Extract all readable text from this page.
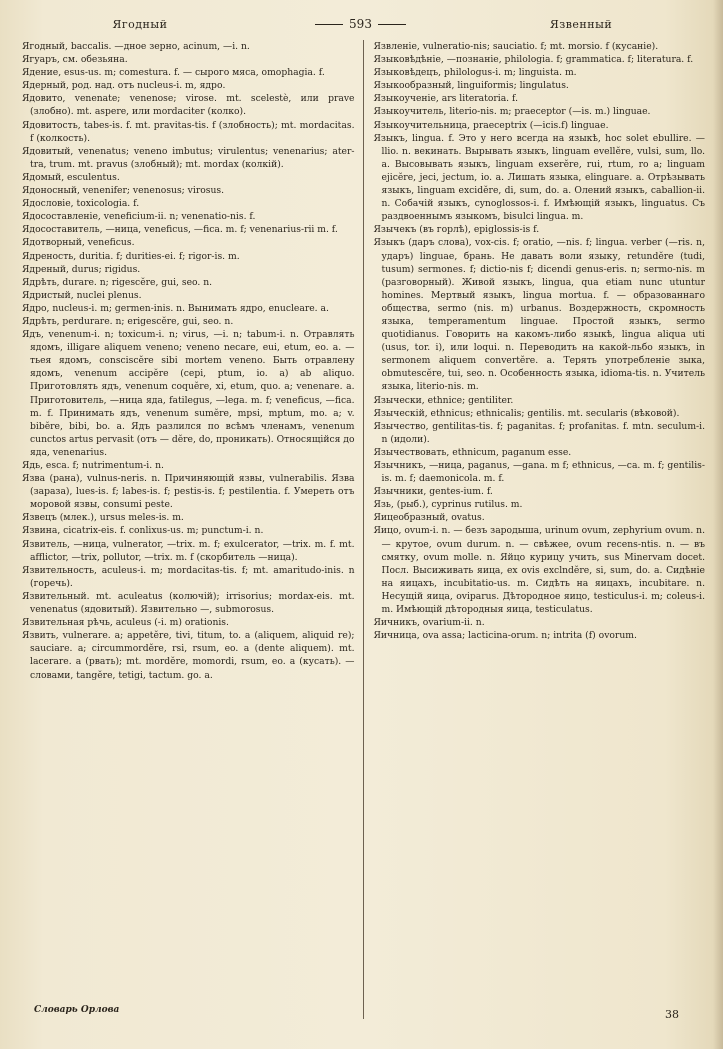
Ягодный	593	Язвенный

Ягодный, baccalis. —дное зерно, acinum, —i. n.

Ягуаръ, см. обезьяна.

Ядение, esus-us. m; comestura. f. — сырого мяса, omophagia. f.

Ядерный, род. над. отъ nucleus-i. m, ядро.

Ядовито, venenate; venenose; virose. mt. scelestè, или prave (злобно). mt. aspere, или mordaciter (колко).

Ядовитость, tabes-is. f. mt. pravitas-tis. f (злобность); mt. mordacitas. f (колкость).

Ядовитый, venenatus; veneno imbutus; virulentus; venenarius; ater-tra, trum. mt. pravus (злобный); mt. mordax (колкій).

Ядомый, esculentus.

Ядоносный, venenifer; venenosus; virosus.

Ядословіе, toxicologia. f.

Ядосоставленіе, veneficium-ii. n; venenatio-nis. f.

Ядосоставитель, —ница, veneficus, —fica. m. f; venenarius-rii m. f.

Ядотворный, veneficus.

Ядреность, duritia. f; durities-ei. f; rigor-is. m.

Ядреный, durus; rigidus.

Ядрѣть, durare. n; rigescĕre, gui, seo. n.

Ядристый, nuclei plenus.

Ядро, nucleus-i. m; germen-inis. n. Вынимать ядро, enucleare. a.

Ядрѣть, perdurare. n; erigescĕre, gui, seo. n.

Ядъ, venenum-i. n; toxicum-i. n; virus, —i. n; tabum-i. n. Отравлять ядомъ, illigare aliquem veneno; veneno necare, eui, etum, eo. a. —тьея ядомъ, consciscĕre sibi mortem veneno. Быть отравлену ядомъ, venenum accipĕre (cepi, ptum, io. a) ab aliquo. Приготовлять ядъ, venenum coquĕre, xi, etum, quo. a; venenare. a. Приготовитель, —ница яда, fatilegus, —lega. m. f; veneficus, —fica. m. f. Принимать ядъ, venenum sumĕre, mpsi, mptum, mo. a; v. bibĕre, bibi, bo. a. Ядъ разлился по всѣмъ членамъ, venenum cunctos artus pervasit (отъ — dĕre, do, проникать). Относящійся до яда, venenarius.

Ядь, esca. f; nutrimentum-i. n.

Язва (рана), vulnus-neris. n. Причиняющій язвы, vulnerabilis. Язва (зараза), lues-is. f; labes-is. f; pestis-is. f; pestilentia. f. Умереть отъ моровой язвы, consumi peste.

Язвецъ (млек.), ursus meles-is. m.

Язвина, cicatrix-eis. f. conlixus-us. m; punctum-i. n.

Язвитель, —ница, vulnerator, —trix. m. f; exulcerator, —trix. m. f. mt. afflictor, —trix, pollutor, —trix. m. f (скорбитель —ница).

Язвительность, aculeus-i. m; mordacitas-tis. f; mt. amaritudo-inis. n (горечь).

Язвительный. mt. aculeatus (колючій); irrisorius; mordax-eis. mt. venenatus (ядовитый). Язвительно —, submorosus.

Язвительная рѣчь, aculeus (-i. m) orationis.

Язвить, vulnerare. a; appetĕre, tivi, titum, to. a (aliquem, aliquid re); sauciare. a; circummordĕre, rsi, rsum, eo. a (dente aliquem). mt. lacerare. a (рвать); mt. mordĕre, momordi, rsum, eo. a (кусать). —словами, tangĕre, tetigi, tactum. go. a.

Язвленіе, vulneratio-nis; sauciatio. f; mt. morsio. f (кусаніе).

Языковѣдѣніе, —познаніе, philologia. f; grammatica. f; literatura. f.

Языковѣдецъ, philologus-i. m; linguista. m.

Языкообразный, linguiformis; lingulatus.

Языкоученіе, ars literatoria. f.

Языкоучитель, literio-nis. m; praeceptor (—is. m.) linguae.

Языкоучительница, praeceptrix (—icis.f) linguae.

Языкъ, lingua. f. Это у него всегда на языкѣ, hoc solet ebullire. —llio. n. векинать. Вырывать языкъ, linguam evellĕre, vulsi, sum, llo. a. Высовывать языкъ, linguam exserĕre, rui, rtum, ro a; linguam ejicĕre, jeci, jectum, io. a. Лишать языка, elinguare. a. Отрѣзывать языкъ, linguam excidĕre, di, sum, do. a. Олений языкъ, caballion-ii. n. Собачій языкъ, cynoglossos-i. f. Имѣющій языкъ, linguatus. Съ раздвоеннымъ языкомъ, bisulci lingua. m.

Язычекъ (въ горлѣ), epiglossis-is f.

Языкъ (даръ слова), vox-cis. f; oratio, —nis. f; lingua. verber (—ris. n, ударъ) linguae, брань. Не давать воли языку, retundĕre (tudi, tusum) sermones. f; dictio-nis f; dicendi genus-eris. n; sermo-nis. m (разговорный). Живой языкъ, lingua, qua etiam nunc utuntur homines. Мертвый языкъ, lingua mortua. f. — образованнаго общества, sermo (nis. m) urbanus. Воздержность, скромность языка, temperamentum linguae. Простой языкъ, sermo quotidianus. Говорить на какомъ-либо языкѣ, lingua aliqua uti (usus, tor. i), или loqui. n. Переводить на какой-льбо языкъ, in sermonem aliquem convertĕre. a. Терять употребленіе зыка, obmutescĕre, tui, seo. n. Особенность языка, idioma-tis. n. Учитель языка, literio-nis. m.

Язычески, ethnice; gentiliter.

Языческій, ethnicus; ethnicalis; gentilis. mt. secularis (вѣковой).

Язычество, gentilitas-tis. f; paganitas. f; profanitas. f. mtn. seculum-i. n (идоли).

Язычествовать, ethnicum, paganum esse.

Язычникъ, —ница, paganus, —gana. m f; ethnicus, —ca. m. f; gentilis-is. m. f; daemonicola. m. f.

Язычники, gentes-ium. f.

Язь, (рыб.), cyprinus rutilus. m.

Яицеобразный, ovatus.

Яицо, ovum-i. n. — безъ зародыша, urinum ovum, zephyrium ovum. n. — крутое, ovum durum. n. — свѣжее, ovum recens-ntis. n. — въ смятку, ovum molle. n. Яйцо курицу учить, sus Minervam docet. Посл. Высиживать яица, ex ovis exclndĕre, si, sum, do. a. Сидѣніе на яицахъ, incubitatio-us. m. Сидѣть на яицахъ, incubitare. n. Несущій яица, oviparus. Дѣтородное яицо, testiculus-i. m; coleus-i. m. Имѣющій дѣтородныя яица, testiculatus.

Яичникъ, ovarium-ii. n.

Яичница, ova assa; lacticina-orum. n; intrita (f) ovorum.

Словарь Орлова	38
